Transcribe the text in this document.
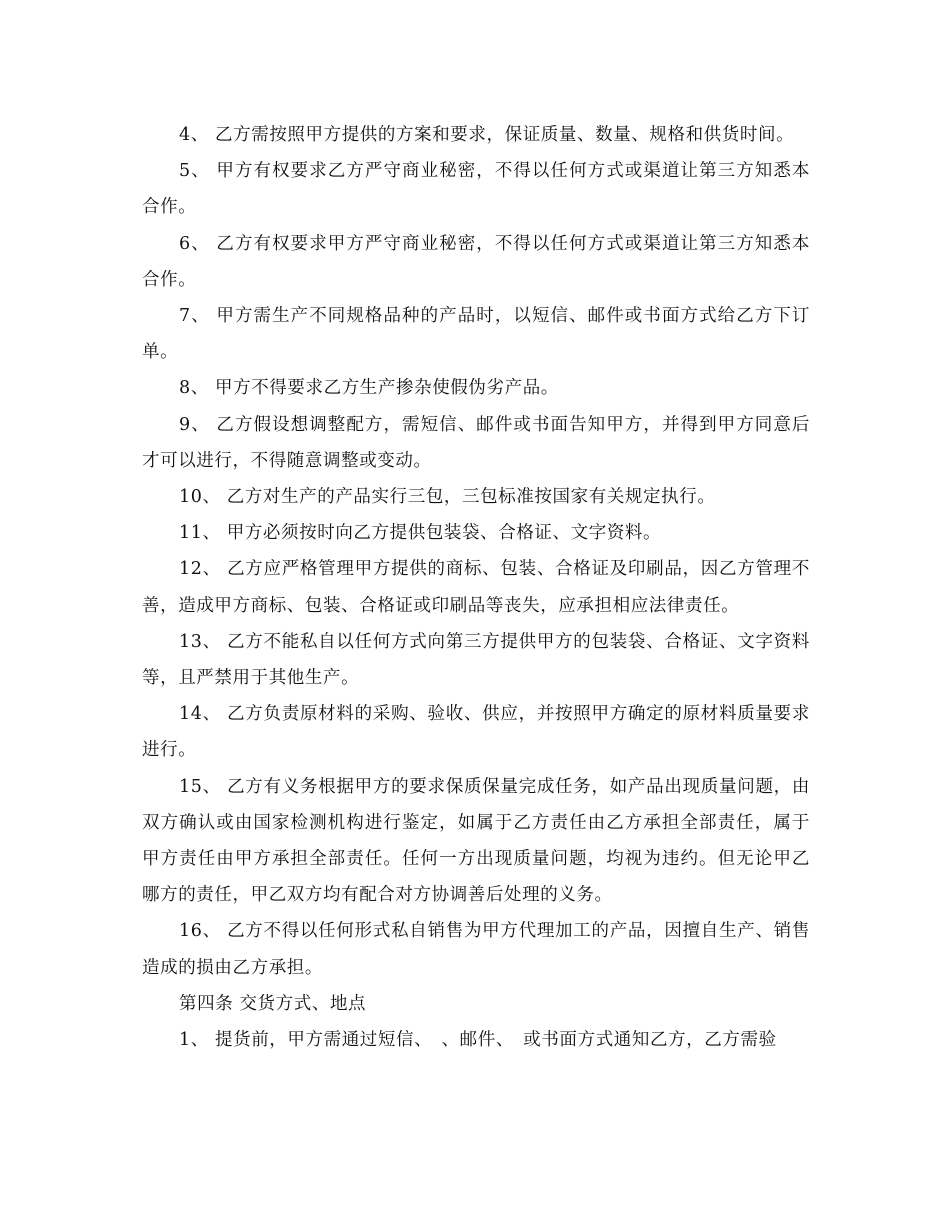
4、 乙方需按照甲方提供的方案和要求，保证质量、数量、规格和供货时间。

5、 甲方有权要求乙方严守商业秘密，不得以任何方式或渠道让第三方知悉本合作。

6、 乙方有权要求甲方严守商业秘密，不得以任何方式或渠道让第三方知悉本合作。

7、 甲方需生产不同规格品种的产品时，以短信、邮件或书面方式给乙方下订单。

8、 甲方不得要求乙方生产掺杂使假伪劣产品。

9、 乙方假设想调整配方，需短信、邮件或书面告知甲方，并得到甲方同意后才可以进行，不得随意调整或变动。

10、 乙方对生产的产品实行三包，三包标准按国家有关规定执行。

11、 甲方必须按时向乙方提供包装袋、合格证、文字资料。

12、 乙方应严格管理甲方提供的商标、包装、合格证及印刷品，因乙方管理不善，造成甲方商标、包装、合格证或印刷品等丧失，应承担相应法律责任。

13、 乙方不能私自以任何方式向第三方提供甲方的包装袋、合格证、文字资料等，且严禁用于其他生产。

14、 乙方负责原材料的采购、验收、供应，并按照甲方确定的原材料质量要求进行。

15、 乙方有义务根据甲方的要求保质保量完成任务，如产品出现质量问题，由双方确认或由国家检测机构进行鉴定，如属于乙方责任由乙方承担全部责任，属于甲方责任由甲方承担全部责任。任何一方出现质量问题，均视为违约。但无论甲乙哪方的责任，甲乙双方均有配合对方协调善后处理的义务。

16、 乙方不得以任何形式私自销售为甲方代理加工的产品，因擅自生产、销售造成的损由乙方承担。

第四条 交货方式、地点

1、 提货前，甲方需通过短信、　、邮件、　或书面方式通知乙方，乙方需验
